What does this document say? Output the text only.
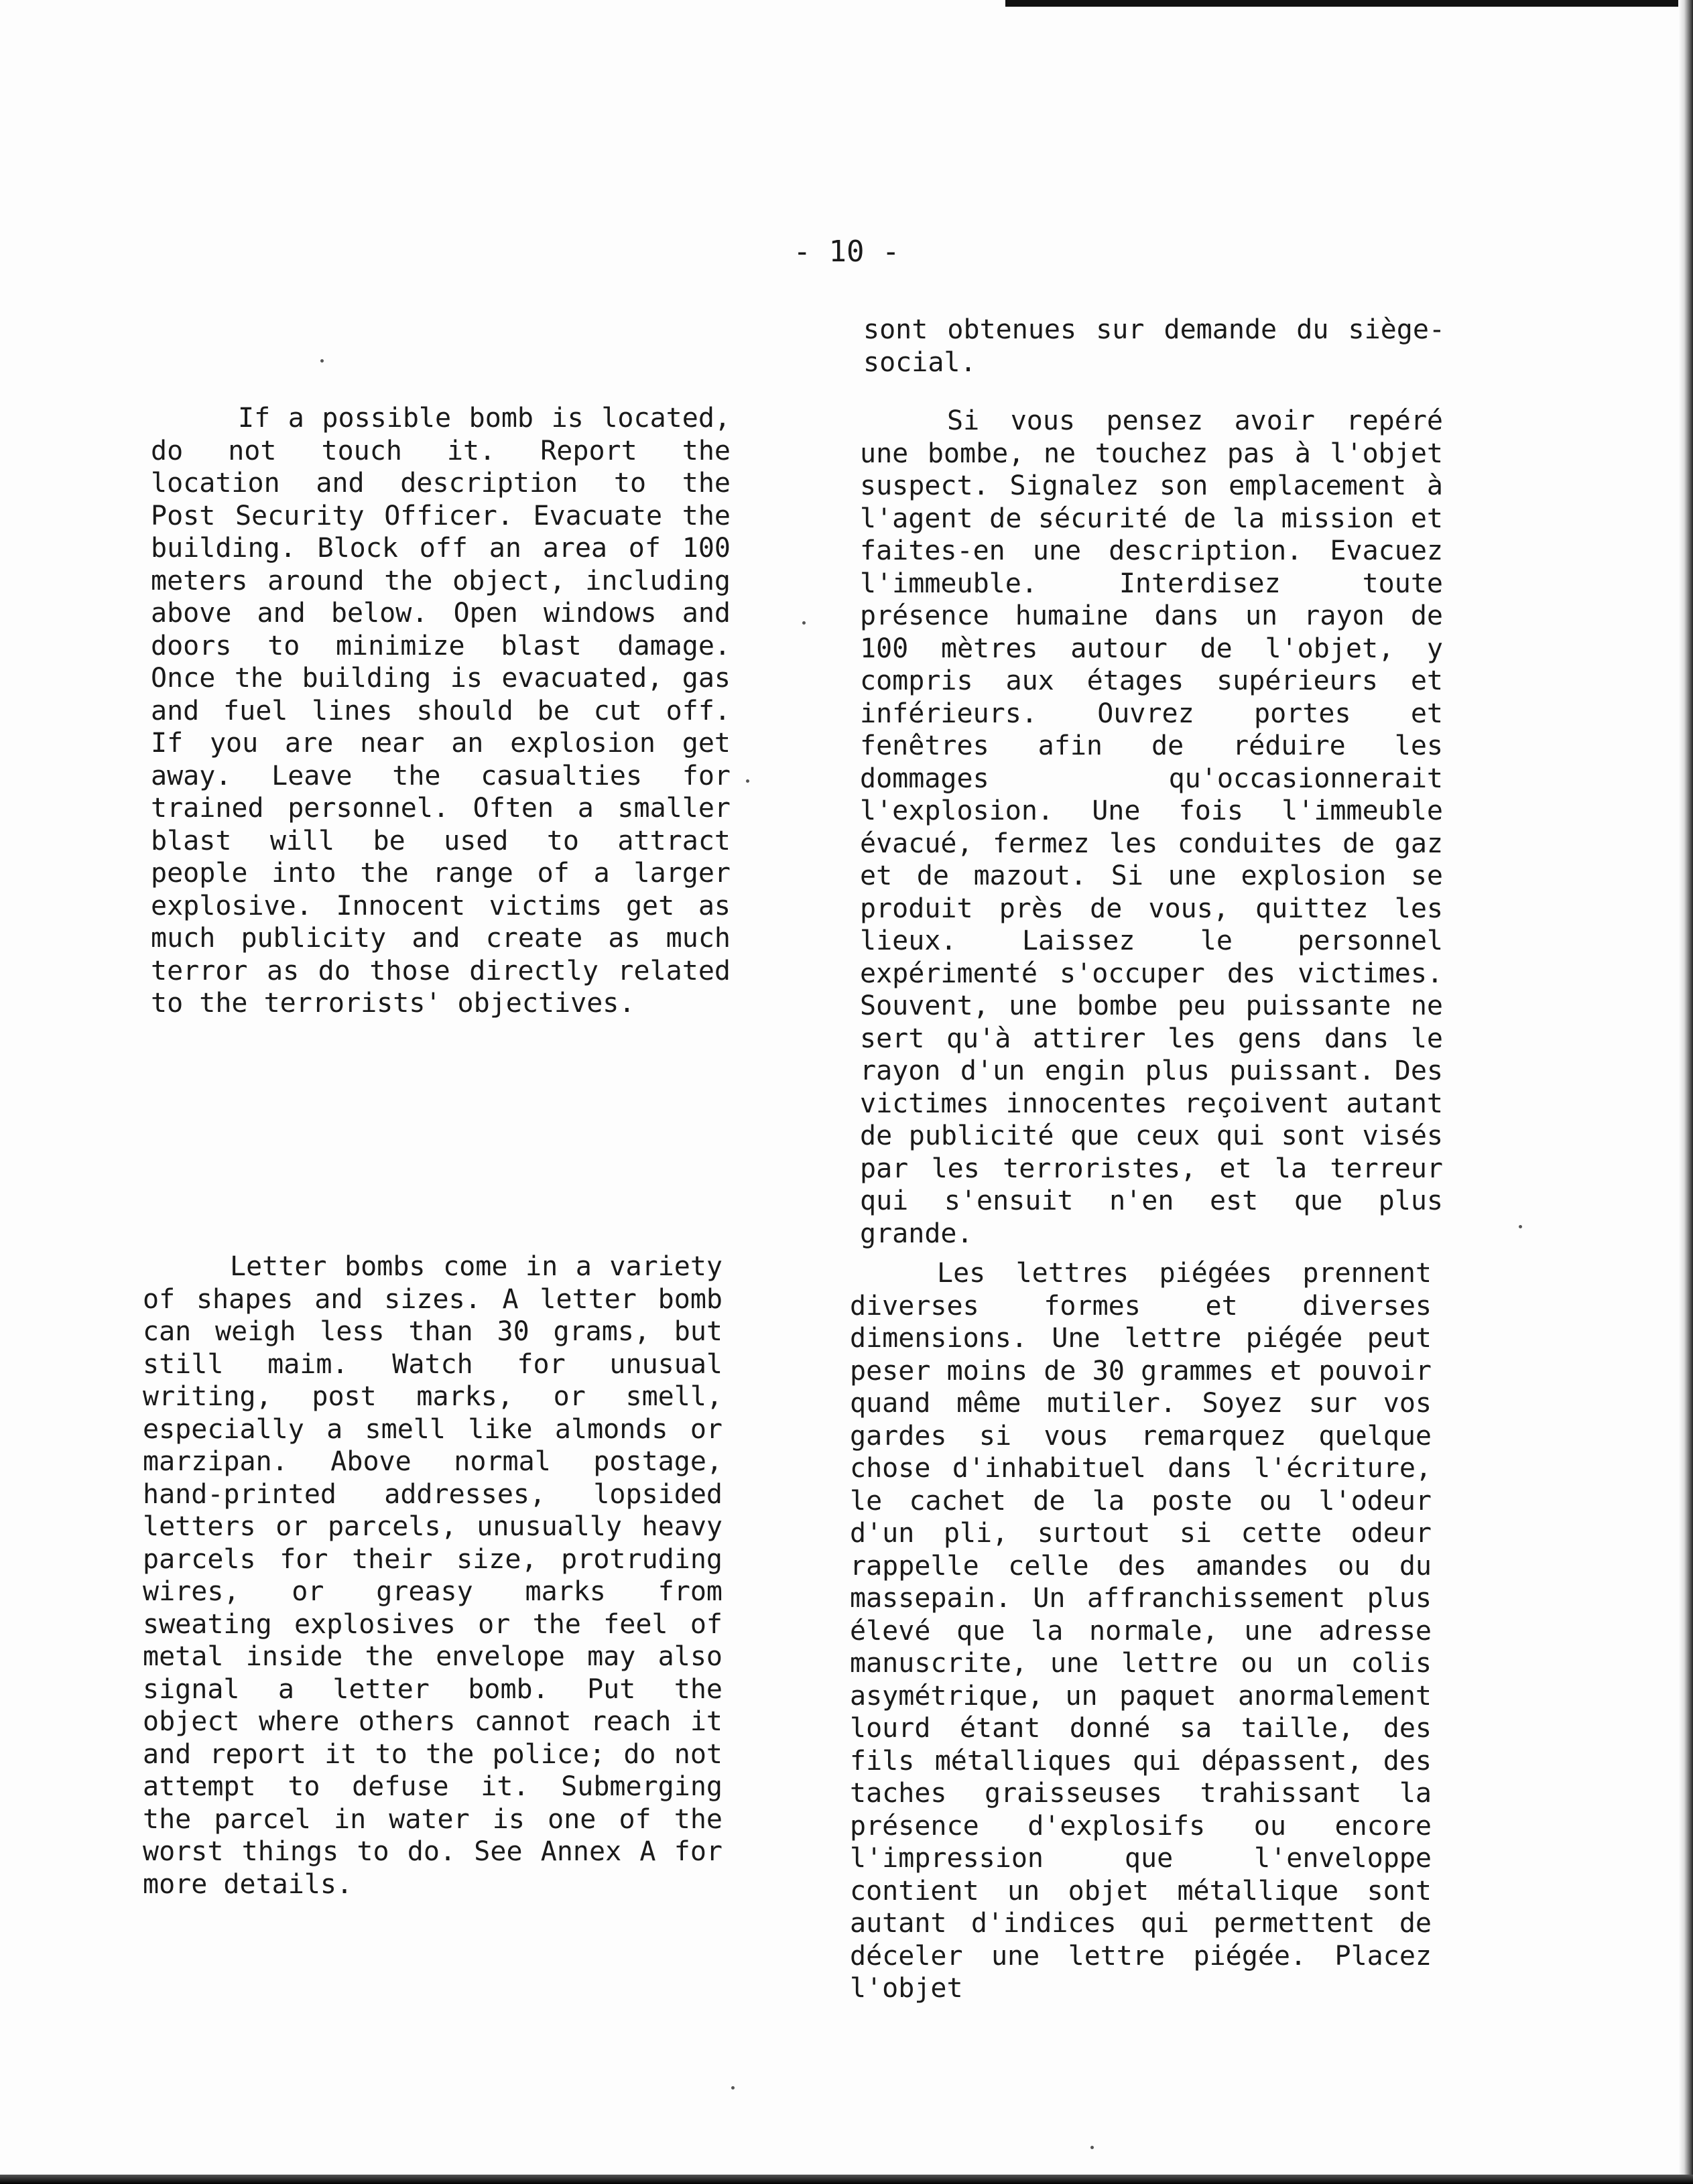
- 10 -

If a possible bomb is located, do not touch it. Report the location and description to the Post Security Officer. Evacuate the building. Block off an area of 100 meters around the object, including above and below. Open windows and doors to minimize blast damage. Once the building is evacuated, gas and fuel lines should be cut off. If you are near an explosion get away. Leave the casualties for trained personnel. Often a smaller blast will be used to attract people into the range of a larger explosive. Innocent victims get as much publicity and create as much terror as do those directly related to the terrorists' objectives.

Letter bombs come in a variety of shapes and sizes. A letter bomb can weigh less than 30 grams, but still maim. Watch for unusual writing, post marks, or smell, especially a smell like almonds or marzipan. Above normal postage, hand-printed addresses, lopsided letters or parcels, unusually heavy parcels for their size, protruding wires, or greasy marks from sweating explosives or the feel of metal inside the envelope may also signal a letter bomb. Put the object where others cannot reach it and report it to the police; do not attempt to defuse it. Submerging the parcel in water is one of the worst things to do. See Annex A for more details.

sont obtenues sur demande du siège-social.

Si vous pensez avoir repéré une bombe, ne touchez pas à l'objet suspect. Signalez son emplacement à l'agent de sécurité de la mission et faites-en une description. Evacuez l'immeuble. Interdisez toute présence humaine dans un rayon de 100 mètres autour de l'objet, y compris aux étages supérieurs et inférieurs. Ouvrez portes et fenêtres afin de réduire les dommages qu'occasionnerait l'explosion. Une fois l'immeuble évacué, fermez les conduites de gaz et de mazout. Si une explosion se produit près de vous, quittez les lieux. Laissez le personnel expérimenté s'occuper des victimes. Souvent, une bombe peu puissante ne sert qu'à attirer les gens dans le rayon d'un engin plus puissant. Des victimes innocentes reçoivent autant de publicité que ceux qui sont visés par les terroristes, et la terreur qui s'ensuit n'en est que plus grande.

Les lettres piégées prennent diverses formes et diverses dimensions. Une lettre piégée peut peser moins de 30 grammes et pouvoir quand même mutiler. Soyez sur vos gardes si vous remarquez quelque chose d'inhabituel dans l'écriture, le cachet de la poste ou l'odeur d'un pli, surtout si cette odeur rappelle celle des amandes ou du massepain. Un affranchissement plus élevé que la normale, une adresse manuscrite, une lettre ou un colis asymétrique, un paquet anormalement lourd étant donné sa taille, des fils métalliques qui dépassent, des taches graisseuses trahissant la présence d'explosifs ou encore l'impression que l'enveloppe contient un objet métallique sont autant d'indices qui permettent de déceler une lettre piégée. Placez l'objet
